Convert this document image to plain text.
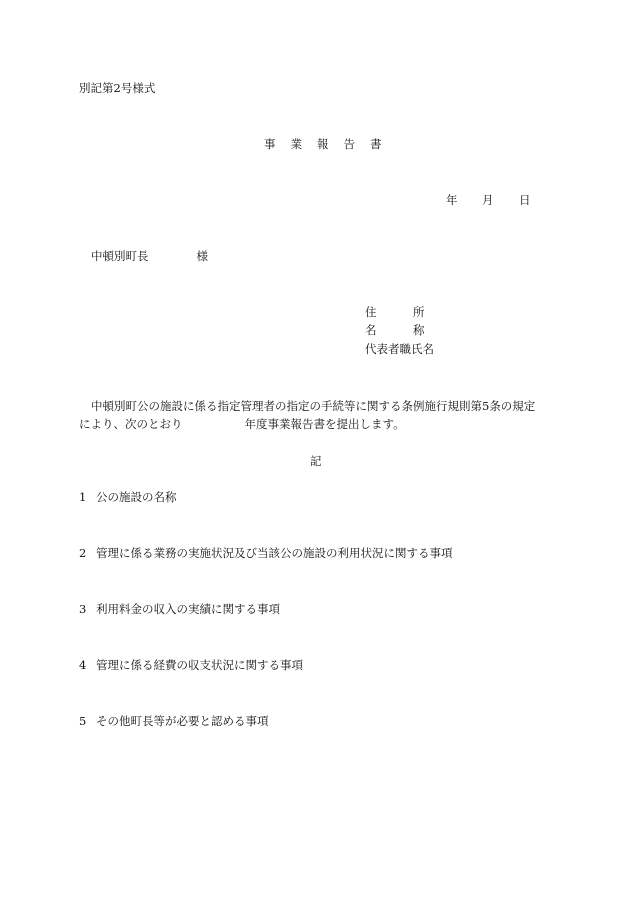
別記第2号様式
事業報告書
年 月 日
中頓別町長	様
住	所
名	称
代表者職氏名
中頓別町公の施設に係る指定管理者の指定の手続等に関する条例施行規則第5条の規定
により、次のとおり	年度事業報告書を提出します。
記
1 公の施設の名称
2 管理に係る業務の実施状況及び当該公の施設の利用状況に関する事項
3 利用料金の収入の実績に関する事項
4 管理に係る経費の収支状況に関する事項
5 その他町長等が必要と認める事項
